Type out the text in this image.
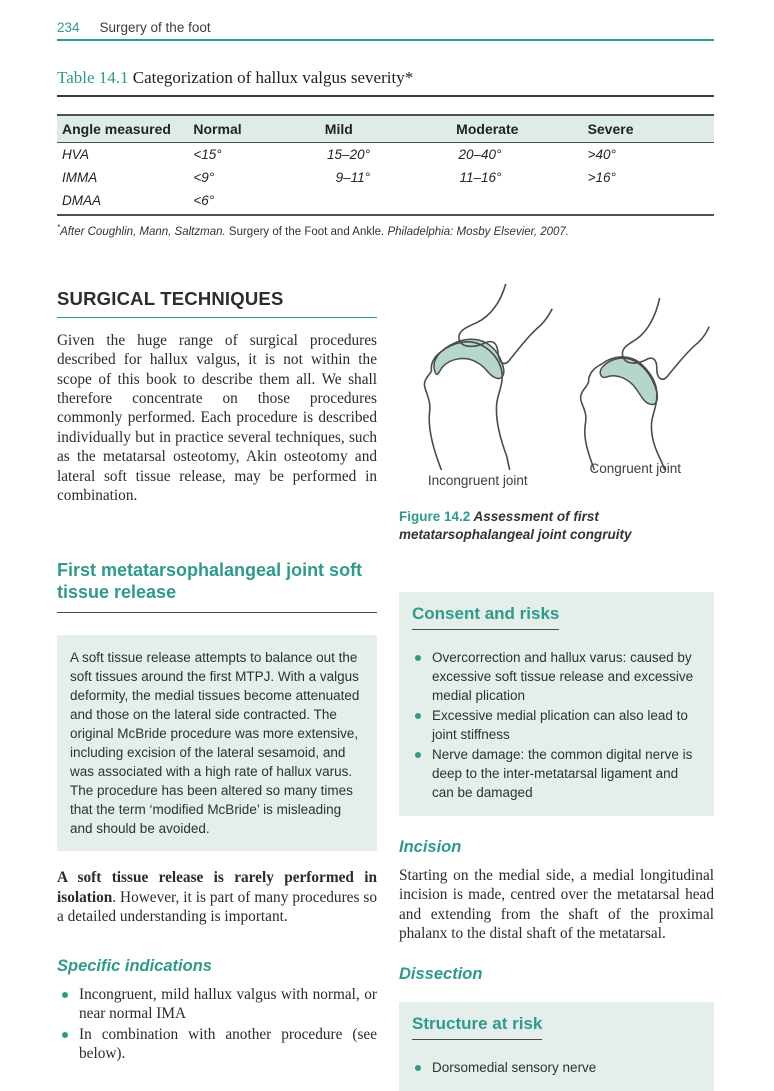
234 Surgery of the foot
Table 14.1 Categorization of hallux valgus severity*
Angle measured	Normal	Mild	Moderate	Severe
HVA	<15°	15–20°	20–40°	>40°
IMMA	<9°	9–11°	11–16°	>16°
DMAA	<6°			

*After Coughlin, Mann, Saltzman. Surgery of the Foot and Ankle. Philadelphia: Mosby Elsevier, 2007.

SURGICAL TECHNIQUES

Given the huge range of surgical procedures described for hallux valgus, it is not within the scope of this book to describe them all. We shall therefore concentrate on those procedures commonly performed. Each procedure is described individually but in practice several techniques, such as the metatarsal osteotomy, Akin osteotomy and lateral soft tissue release, may be performed in combination.

First metatarsophalangeal joint soft tissue release
A soft tissue release attempts to balance out the soft tissues around the first MTPJ. With a valgus deformity, the medial tissues become attenuated and those on the lateral side contracted. The original McBride procedure was more extensive, including excision of the lateral sesamoid, and was associated with a high rate of hallux varus. The procedure has been altered so many times that the term ‘modified McBride’ is misleading and should be avoided.

A soft tissue release is rarely performed in isolation. However, it is part of many procedures so a detailed understanding is important.

Specific indications
Incongruent, mild hallux valgus with normal, or near normal IMA
In combination with another procedure (see below).
Incongruent joint
Congruent joint

Figure 14.2 Assessment of first metatarsophalangeal joint congruity

Consent and risks
Overcorrection and hallux varus: caused by excessive soft tissue release and excessive medial plication
Excessive medial plication can also lead to joint stiffness
Nerve damage: the common digital nerve is deep to the inter-metatarsal ligament and can be damaged
Incision

Starting on the medial side, a medial longitudinal incision is made, centred over the metatarsal head and extending from the shaft of the proximal phalanx to the distal shaft of the metatarsal.

Dissection
Structure at risk
Dorsomedial sensory nerve
